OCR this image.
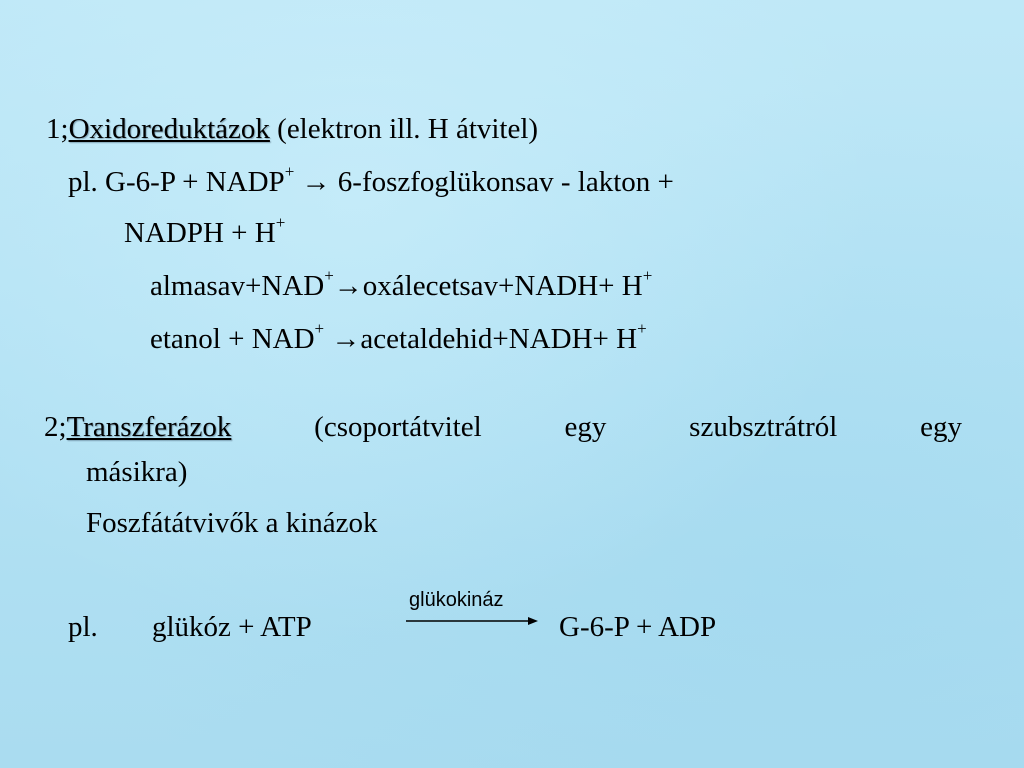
1;Oxidoreduktázok (elektron ill. H átvitel)
pl. G-6-P + NADP+ → 6-foszfoglükonsav - lakton +
NADPH + H+
almasav+NAD+→oxálecetsav+NADH+ H+
etanol + NAD+ →acetaldehid+NADH+ H+
2;Transzferázok	(csoportátvitel	egy	szubsztrátról	egy
másikra)
Foszfátátvivők a kinázok
pl. glükóz + ATP
glükokináz
G-6-P + ADP
